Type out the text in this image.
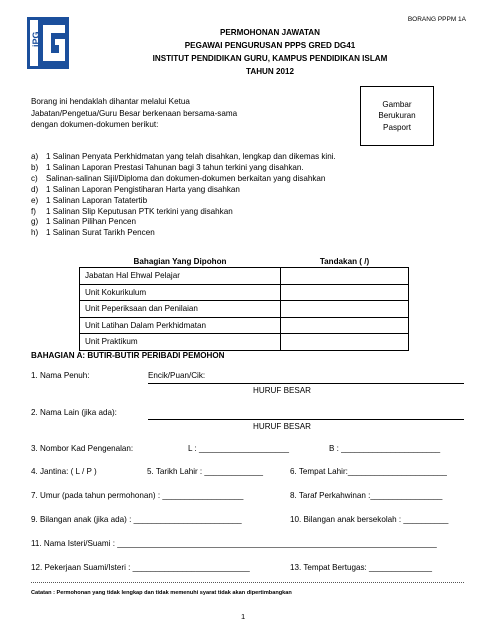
BORANG PPPM 1A
iPG	PERMOHONAN JAWATAN
PEGAWAI PENGURUSAN PPPS GRED DG41
INSTITUT PENDIDIKAN GURU, KAMPUS PENDIDIKAN ISLAM
TAHUN 2012
Borang ini hendaklah dihantar melalui Ketua Jabatan/Pengetua/Guru Besar berkenaan bersama-sama dengan dokumen-dokumen berikut:
Gambar
Berukuran
Pasport
a) 1 Salinan Penyata Perkhidmatan yang telah disahkan, lengkap dan dikemas kini.
b) 1 Salinan Laporan Prestasi Tahunan bagi 3 tahun terkini yang disahkan.
c)	Salinan-salinan Sijil/Diploma dan dokumen-dokumen berkaitan yang disahkan
d) 1 Salinan Laporan Pengistiharan Harta yang disahkan
e) 1 Salinan Laporan Tatatertib
f)	1 Salinan Slip Keputusan PTK terkini yang disahkan
g) 1 Salinan Pilihan Pencen
h) 1 Salinan Surat Tarikh Pencen
Bahagian Yang Dipohon	Tandakan ( /)
Jabatan Hal Ehwal Pelajar	
Unit Kokurikulum	
Unit Peperiksaan dan Penilaian	
Unit Latihan Dalam Perkhidmatan	
Unit Praktikum	
BAHAGIAN A: BUTIR-BUTIR PERIBADI PEMOHON
1. Nama Penuh:	Encik/Puan/Cik:
HURUF BESAR
2. Nama Lain (jika ada):
HURUF BESAR
3. Nombor Kad Pengenalan:	L : ____________________	B : ______________________
4. Jantina: ( L / P )	5. Tarikh Lahir : _____________	6. Tempat Lahir:______________________
7. Umur (pada tahun permohonan) : __________________	8. Taraf Perkahwinan :________________
9. Bilangan anak (jika ada) : ________________________	10. Bilangan anak bersekolah : __________
11. Nama Isteri/Suami : _______________________________________________________________________
12. Pekerjaan Suami/Isteri : __________________________	13. Tempat Bertugas: ______________
Catatan : Permohonan yang tidak lengkap dan tidak memenuhi syarat tidak akan dipertimbangkan
1
